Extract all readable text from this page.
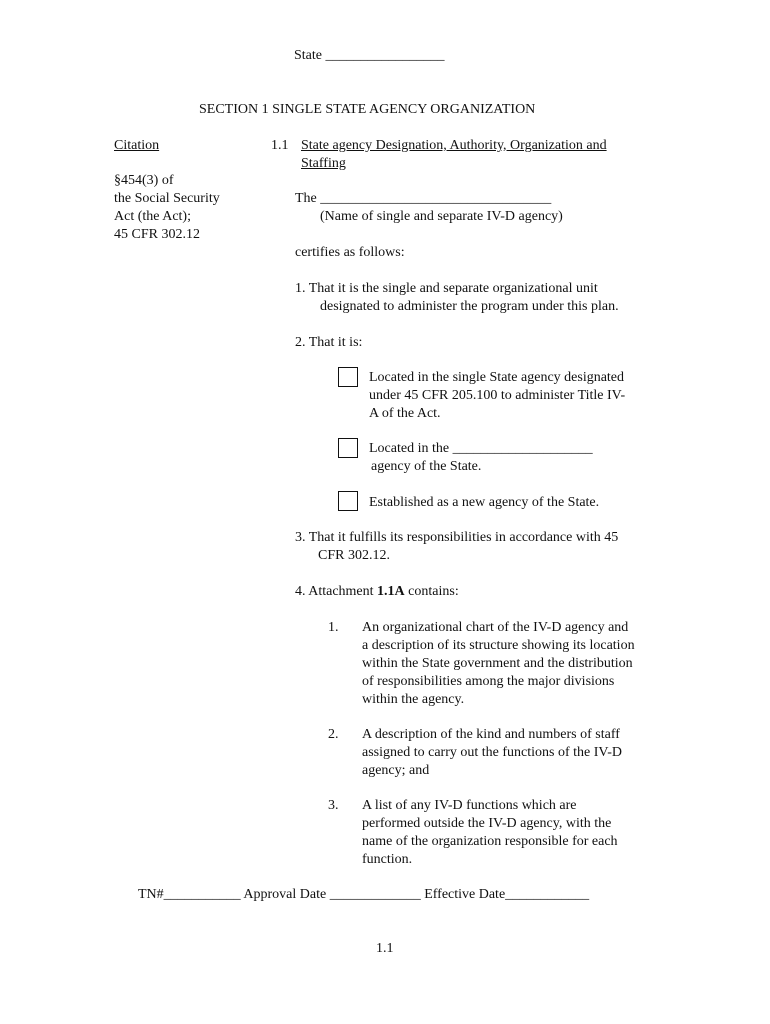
State _________________
SECTION 1 SINGLE STATE AGENCY ORGANIZATION
Citation
§454(3) of
the Social Security
Act (the Act);
45 CFR 302.12
1.1 State agency Designation, Authority, Organization and
Staffing
The _________________________________
(Name of single and separate IV-D agency)
certifies as follows:
1. That it is the single and separate organizational unit
designated to administer the program under this plan.
2. That it is:
Located in the single State agency designated
under 45 CFR 205.100 to administer Title IV-
A of the Act.
Located in the ____________________
agency of the State.
Established as a new agency of the State.
3. That it fulfills its responsibilities in accordance with 45
CFR 302.12.
4. Attachment 1.1A contains:
1. An organizational chart of the IV-D agency and
a description of its structure showing its location
within the State government and the distribution
of responsibilities among the major divisions
within the agency.
2. A description of the kind and numbers of staff
assigned to carry out the functions of the IV-D
agency; and
3. A list of any IV-D functions which are
performed outside the IV-D agency, with the
name of the organization responsible for each
function.
TN#___________ Approval Date _____________ Effective Date____________
1.1
